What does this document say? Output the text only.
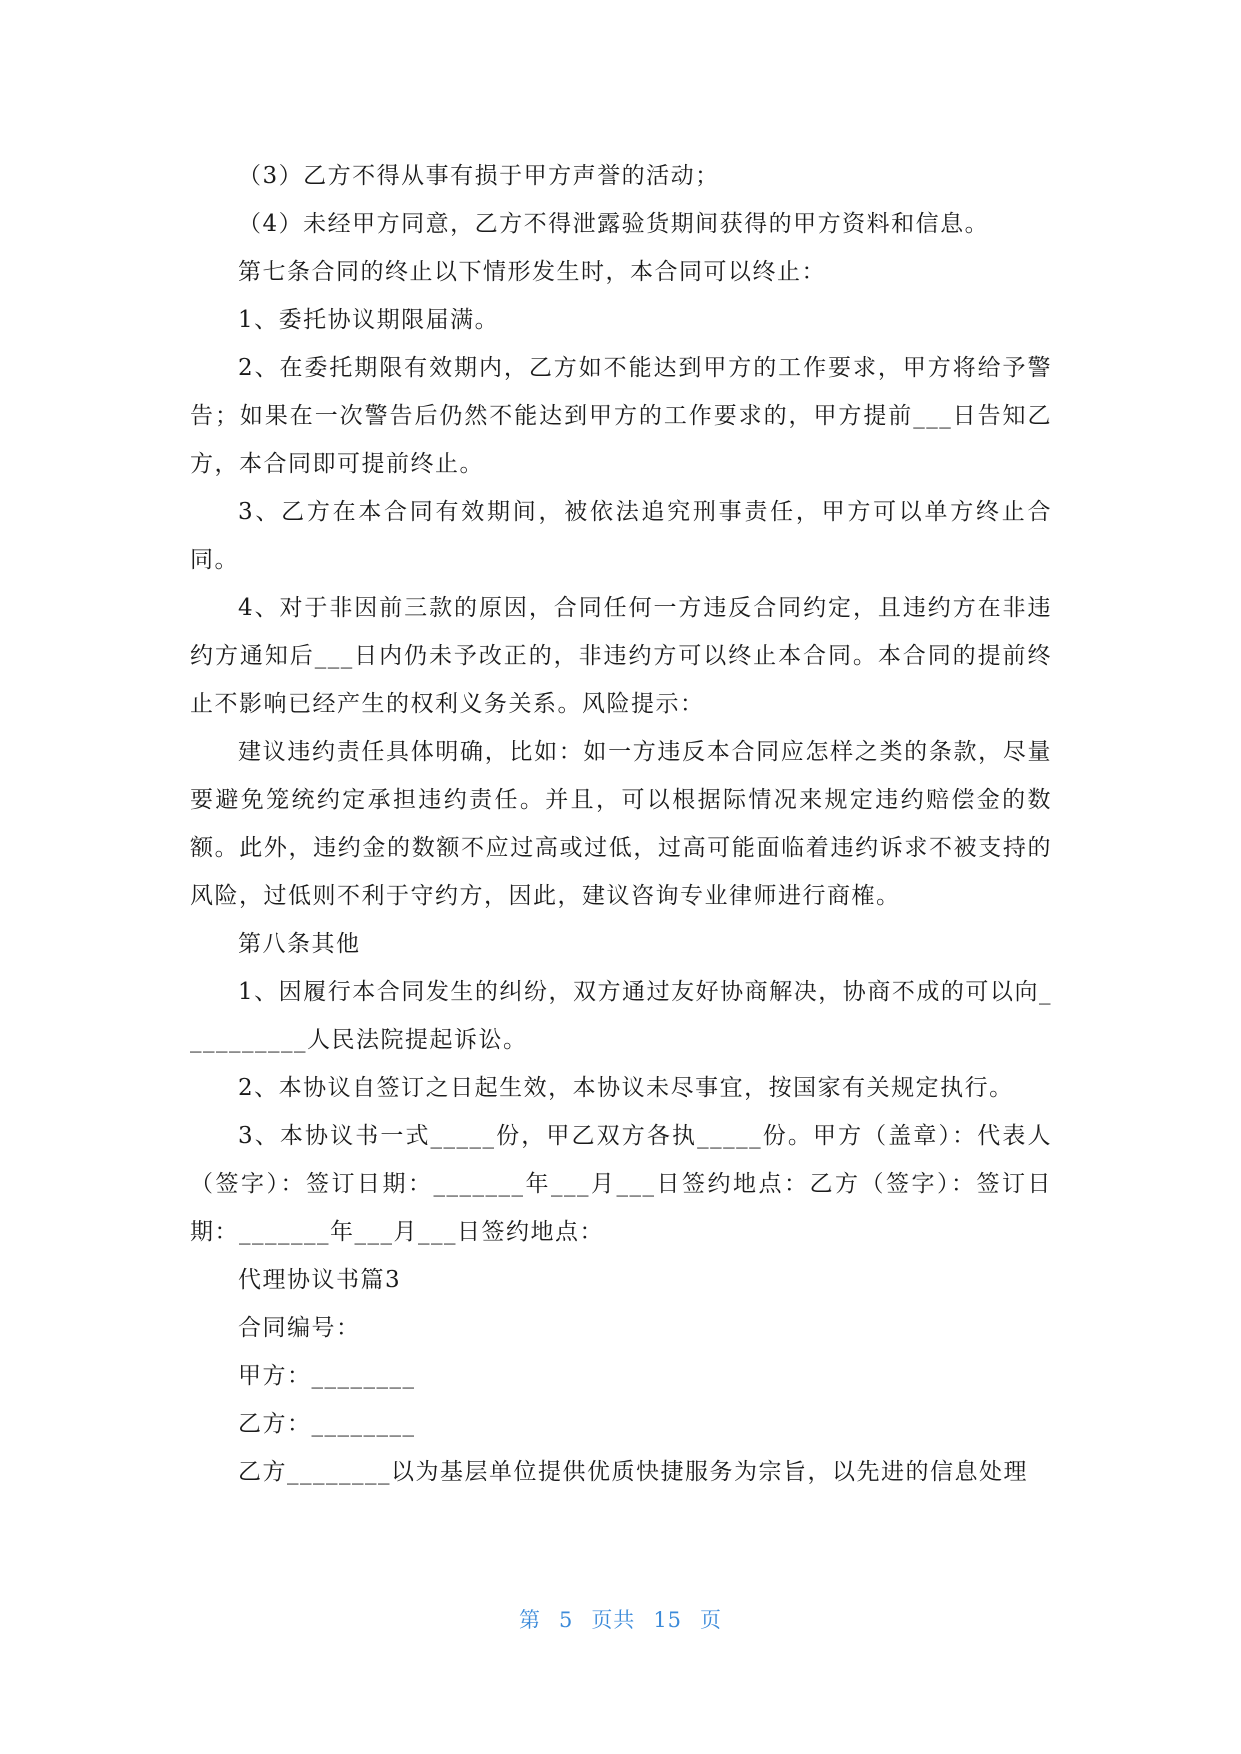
（3）乙方不得从事有损于甲方声誉的活动；

（4）未经甲方同意，乙方不得泄露验货期间获得的甲方资料和信息。

第七条合同的终止以下情形发生时，本合同可以终止：

1、委托协议期限届满。

2、在委托期限有效期内，乙方如不能达到甲方的工作要求，甲方将给予警告；如果在一次警告后仍然不能达到甲方的工作要求的，甲方提前___日告知乙方，本合同即可提前终止。

3、乙方在本合同有效期间，被依法追究刑事责任，甲方可以单方终止合同。

4、对于非因前三款的原因，合同任何一方违反合同约定，且违约方在非违约方通知后___日内仍未予改正的，非违约方可以终止本合同。本合同的提前终止不影响已经产生的权利义务关系。风险提示：

建议违约责任具体明确，比如：如一方违反本合同应怎样之类的条款，尽量要避免笼统约定承担违约责任。并且，可以根据际情况来规定违约赔偿金的数额。此外，违约金的数额不应过高或过低，过高可能面临着违约诉求不被支持的风险，过低则不利于守约方，因此，建议咨询专业律师进行商榷。

第八条其他

1、因履行本合同发生的纠纷，双方通过友好协商解决，协商不成的可以向__________人民法院提起诉讼。

2、本协议自签订之日起生效，本协议未尽事宜，按国家有关规定执行。

3、本协议书一式_____份，甲乙双方各执_____份。甲方（盖章）：代表人（签字）：签订日期：_______年___月___日签约地点：乙方（签字）：签订日期：_______年___月___日签约地点：

代理协议书篇3

合同编号：

甲方：________

乙方：________

乙方________以为基层单位提供优质快捷服务为宗旨，以先进的信息处理

第 5 页共 15 页
